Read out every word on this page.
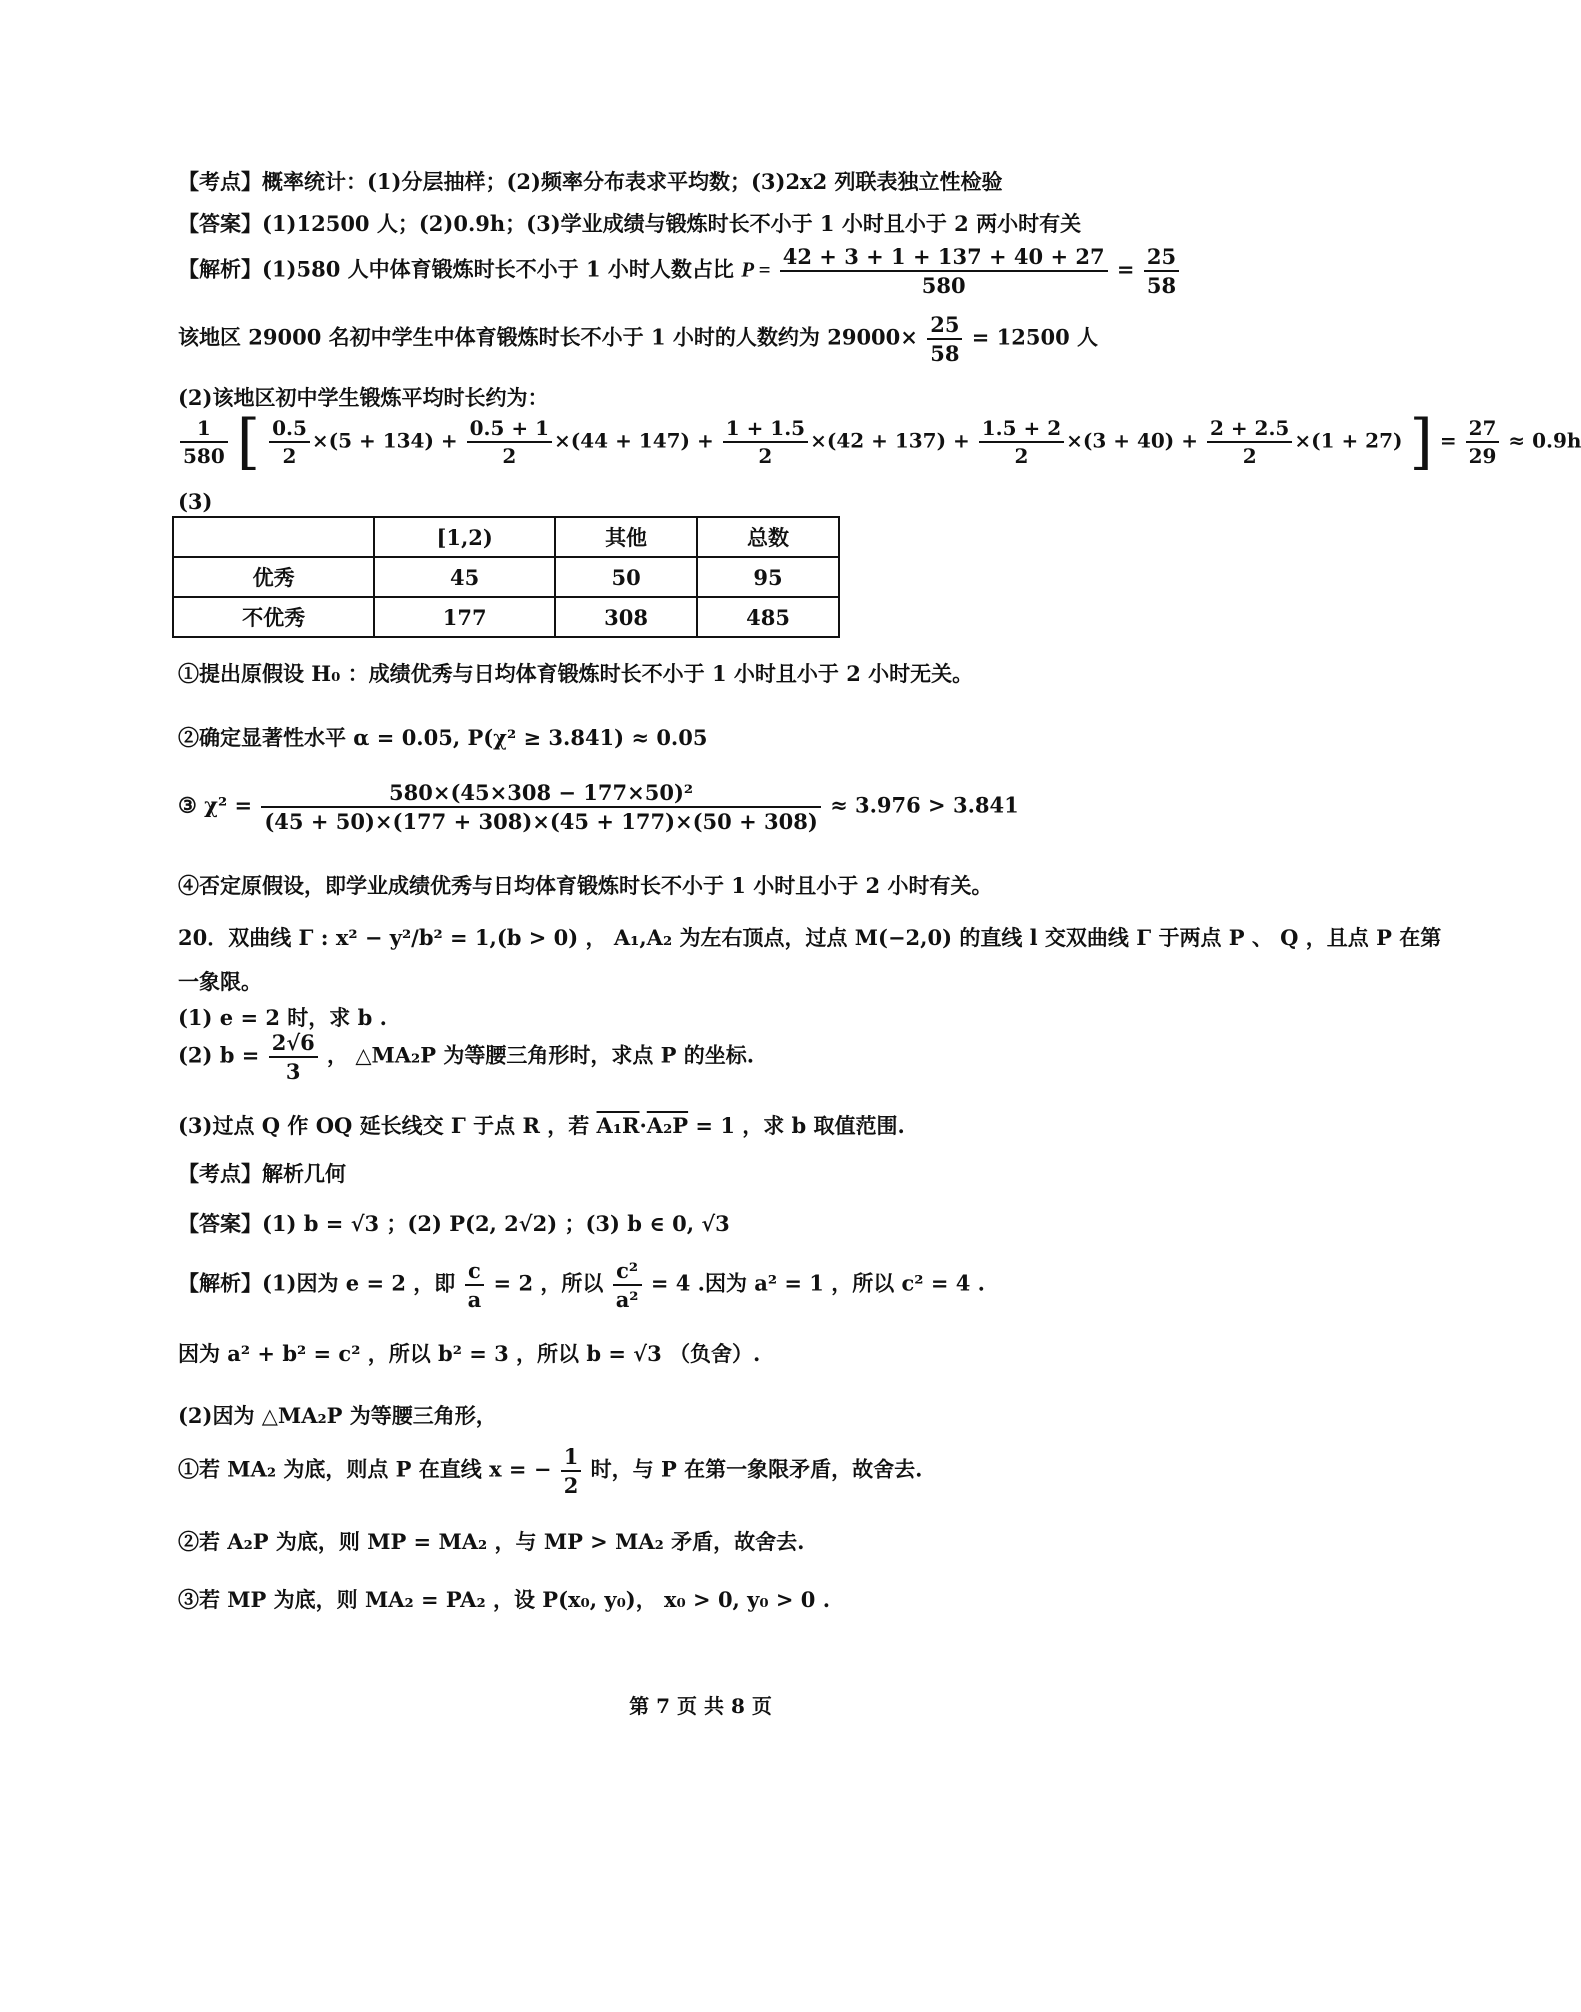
【考点】概率统计：(1)分层抽样；(2)频率分布表求平均数；(3)2x2 列联表独立性检验
【答案】(1)12500 人；(2)0.9h；(3)学业成绩与锻炼时长不小于 1 小时且小于 2 两小时有关
【解析】(1)580 人中体育锻炼时长不小于 1 小时人数占比 $P = \frac{42 + 3 + 1 + 137 + 40 + 27}{580} = \frac{25}{58}$
该地区 29000 名初中学生中体育锻炼时长不小于 1 小时的人数约为 $29000\times \frac{25}{58} = 12500$ 人
(2)该地区初中学生锻炼平均时长约为：
$\frac{1}{580}$ [ $\frac{0.5}{2} \times(5 + 134) + \frac{0.5 + 1}{2} \times(44 + 147) + \frac{1 + 1.5}{2} \times(42 + 137) + \frac{1.5 + 2}{2} \times(3 + 40) + \frac{2 + 2.5}{2} \times(1 + 27)$ ] = $\frac{27}{29} \approx 0.9h$
(3)
	[1,2)	其他	总数
优秀	45	50	95
不优秀	177	308	485
①提出原假设 H₀ ：成绩优秀与日均体育锻炼时长不小于 1 小时且小于 2 小时无关。
②确定显著性水平 α = 0.05, P(χ² ≥ 3.841) ≈ 0.05
③ $\chi^2 = \frac{\text{580×(45×308 − 177×50)²}}{(45 + 50)\times(177 + 308)\times(45 + 177)\times(50 + 308)} \approx 3.976 > 3.841$
④否定原假设，即学业成绩优秀与日均体育锻炼时长不小于 1 小时且小于 2 小时有关。
20．双曲线 Γ : x² − y²/b² = 1,(b > 0) ， A₁,A₂ 为左右顶点，过点 M(−2,0) 的直线 l 交双曲线 Γ 于两点 P 、 Q ，且点 P 在第
一象限。
(1) e = 2 时，求 b .
(2) $b = \frac{2√6}{3}$ ， △MA₂P 为等腰三角形时，求点 P 的坐标.
(3)过点 Q 作 OQ 延长线交 Γ 于点 R ，若 A₁R·A₂P = 1 ，求 b 取值范围.
【考点】解析几何
【答案】(1) b = √3 ；(2) P(2, 2√2) ；(3) b ∈ 0, √3
【解析】(1)因为 e = 2 ，即 $\frac{c}{a} = 2$ ，所以 $\frac{\text{c²}}{\text{a²}} = 4$ .因为 a² = 1 ，所以 c² = 4 .
因为 a² + b² = c² ，所以 b² = 3 ，所以 b = √3 （负舍）.
(2)因为 △MA₂P 为等腰三角形，
①若 MA₂ 为底，则点 P 在直线 x = − $\frac{1}{2}$ 时，与 P 在第一象限矛盾，故舍去.
②若 A₂P 为底，则 MP = MA₂ ，与 MP > MA₂ 矛盾，故舍去.
③若 MP 为底，则 MA₂ = PA₂ ，设 P(x₀, y₀)， x₀ > 0, y₀ > 0 .
第 7 页 共 8 页
